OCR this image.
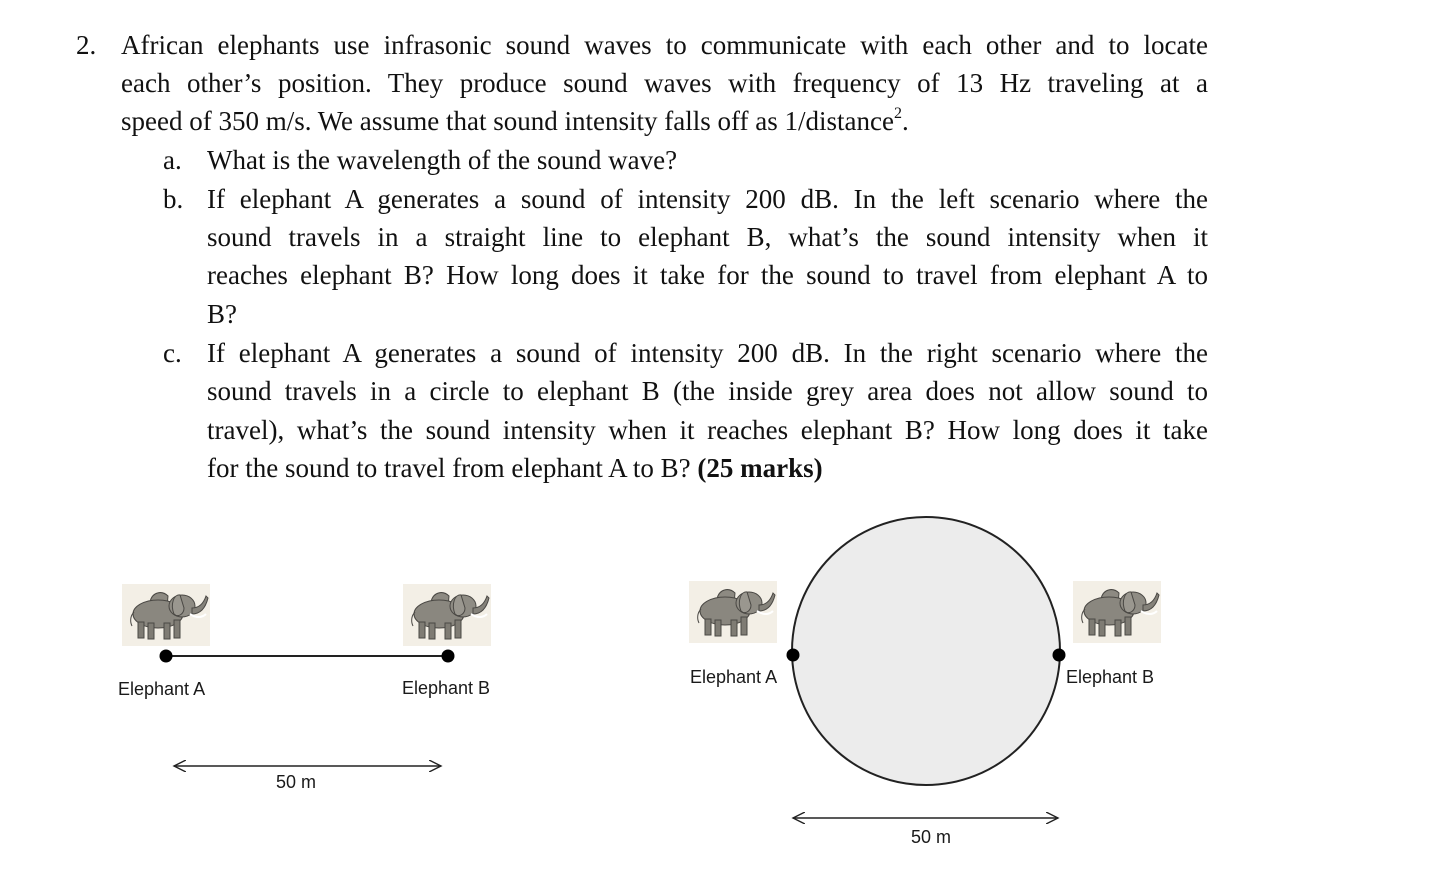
2. African elephants use infrasonic sound waves to communicate with each other and to locate
each other’s position. They produce sound waves with frequency of 13 Hz traveling at a
speed of 350 m/s. We assume that sound intensity falls off as 1/distance$^2$.
a. What is the wavelength of the sound wave?
b. If elephant A generates a sound of intensity 200 dB. In the left scenario where the
sound travels in a straight line to elephant B, what’s the sound intensity when it
reaches elephant B? How long does it take for the sound to travel from elephant A to
B?
c. If elephant A generates a sound of intensity 200 dB. In the right scenario where the
sound travels in a circle to elephant B (the inside grey area does not allow sound to
travel), what’s the sound intensity when it reaches elephant B? How long does it take
for the sound to travel from elephant A to B? (25 marks)
Elephant A	Elephant B
50 m
Elephant A	Elephant B
50 m
